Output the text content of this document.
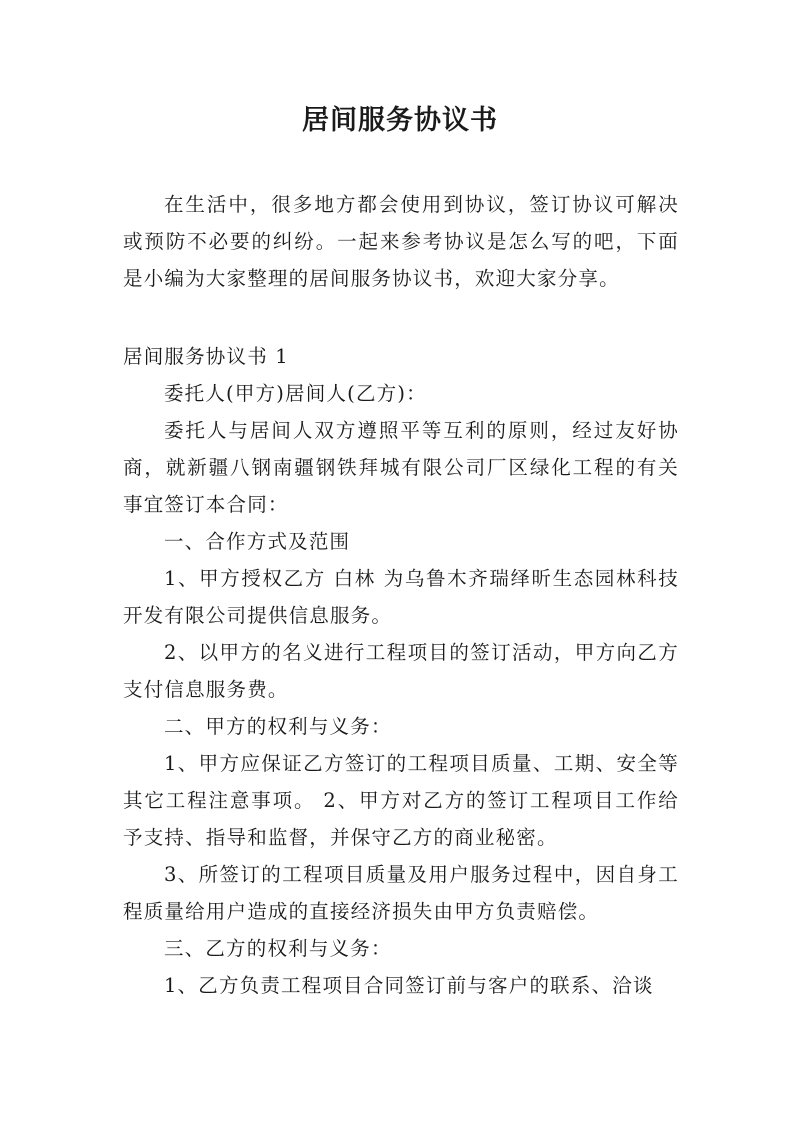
居间服务协议书

在生活中，很多地方都会使用到协议，签订协议可解决或预防不必要的纠纷。一起来参考协议是怎么写的吧，下面是小编为大家整理的居间服务协议书，欢迎大家分享。

居间服务协议书 1

委托人(甲方)居间人(乙方)：

委托人与居间人双方遵照平等互利的原则，经过友好协商，就新疆八钢南疆钢铁拜城有限公司厂区绿化工程的有关事宜签订本合同：

一、合作方式及范围

1、甲方授权乙方 白林 为乌鲁木齐瑞绎昕生态园林科技开发有限公司提供信息服务。

2、以甲方的名义进行工程项目的签订活动，甲方向乙方支付信息服务费。

二、甲方的权利与义务：

1、甲方应保证乙方签订的工程项目质量、工期、安全等其它工程注意事项。 2、甲方对乙方的签订工程项目工作给予支持、指导和监督，并保守乙方的商业秘密。

3、所签订的工程项目质量及用户服务过程中，因自身工程质量给用户造成的直接经济损失由甲方负责赔偿。

三、乙方的权利与义务：

1、乙方负责工程项目合同签订前与客户的联系、洽谈
